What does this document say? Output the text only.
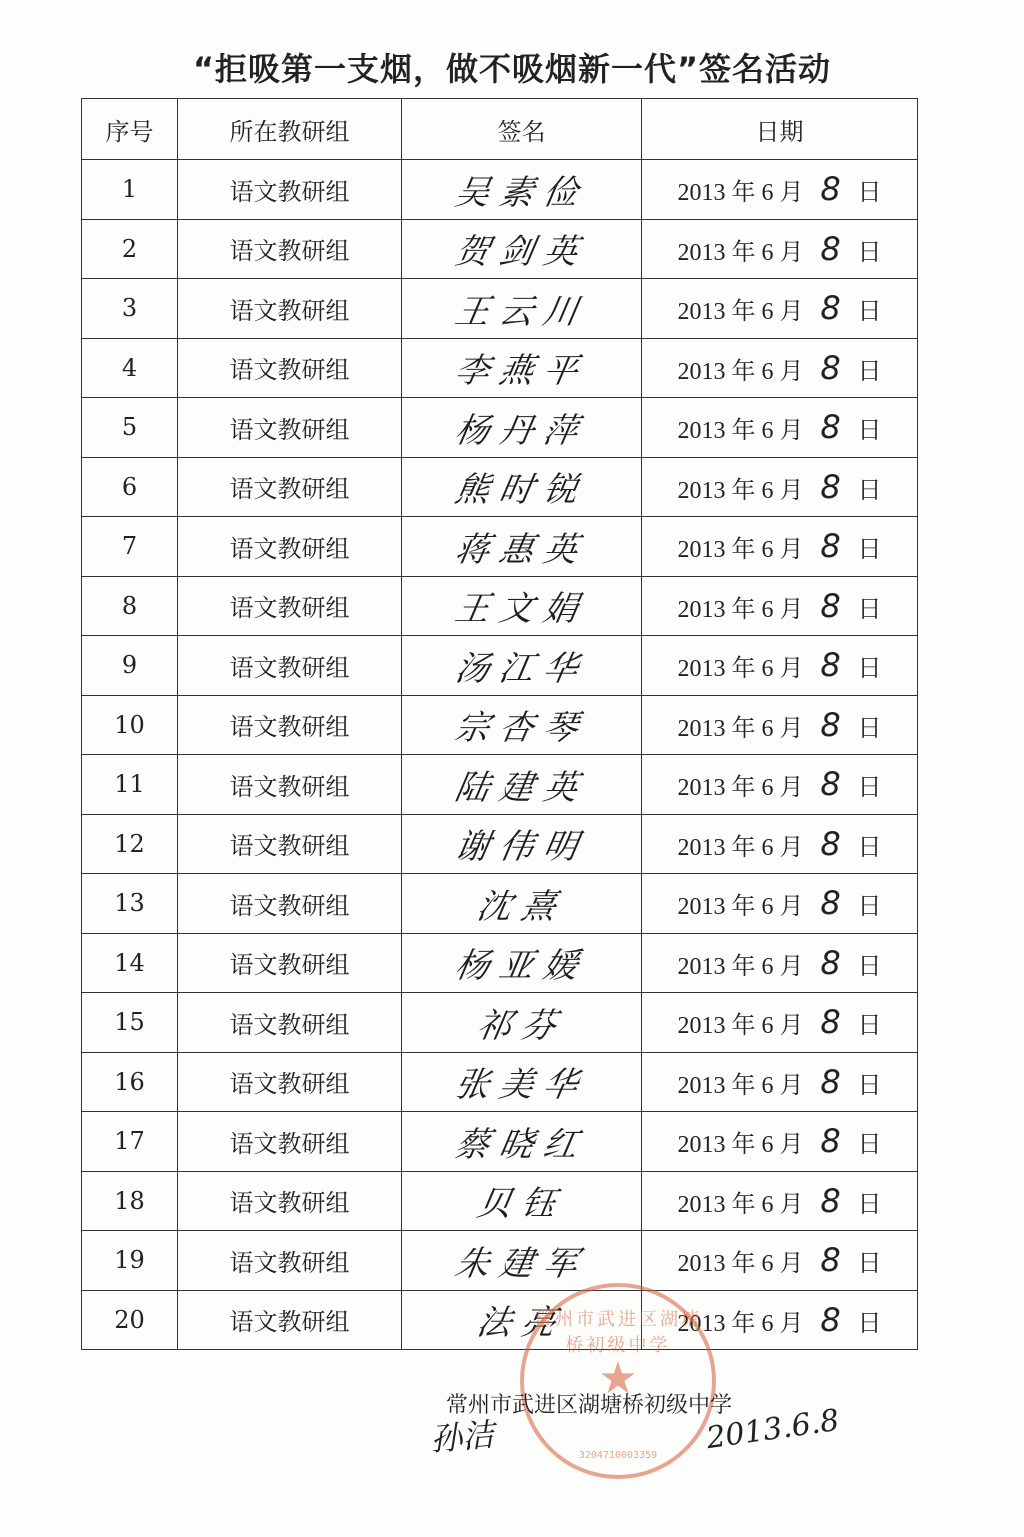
“拒吸第一支烟，做不吸烟新一代”签名活动
序号	所在教研组	签名	日期
1	语文教研组	吴素俭	2013 年 6 月 8 日
2	语文教研组	贺剑英	2013 年 6 月 8 日
3	语文教研组	王云川	2013 年 6 月 8 日
4	语文教研组	李燕平	2013 年 6 月 8 日
5	语文教研组	杨丹萍	2013 年 6 月 8 日
6	语文教研组	熊时锐	2013 年 6 月 8 日
7	语文教研组	蒋惠英	2013 年 6 月 8 日
8	语文教研组	王文娟	2013 年 6 月 8 日
9	语文教研组	汤江华	2013 年 6 月 8 日
10	语文教研组	宗杏琴	2013 年 6 月 8 日
11	语文教研组	陆建英	2013 年 6 月 8 日
12	语文教研组	谢伟明	2013 年 6 月 8 日
13	语文教研组	沈熹	2013 年 6 月 8 日
14	语文教研组	杨亚媛	2013 年 6 月 8 日
15	语文教研组	祁芬	2013 年 6 月 8 日
16	语文教研组	张美华	2013 年 6 月 8 日
17	语文教研组	蔡晓红	2013 年 6 月 8 日
18	语文教研组	贝钰	2013 年 6 月 8 日
19	语文教研组	朱建军	2013 年 6 月 8 日
20	语文教研组	法亮	2013 年 6 月 8 日
常州市武进区湖塘桥初级中学
★
3204710003359
常州市武进区湖塘桥初级中学
孙洁	2013.6.8
